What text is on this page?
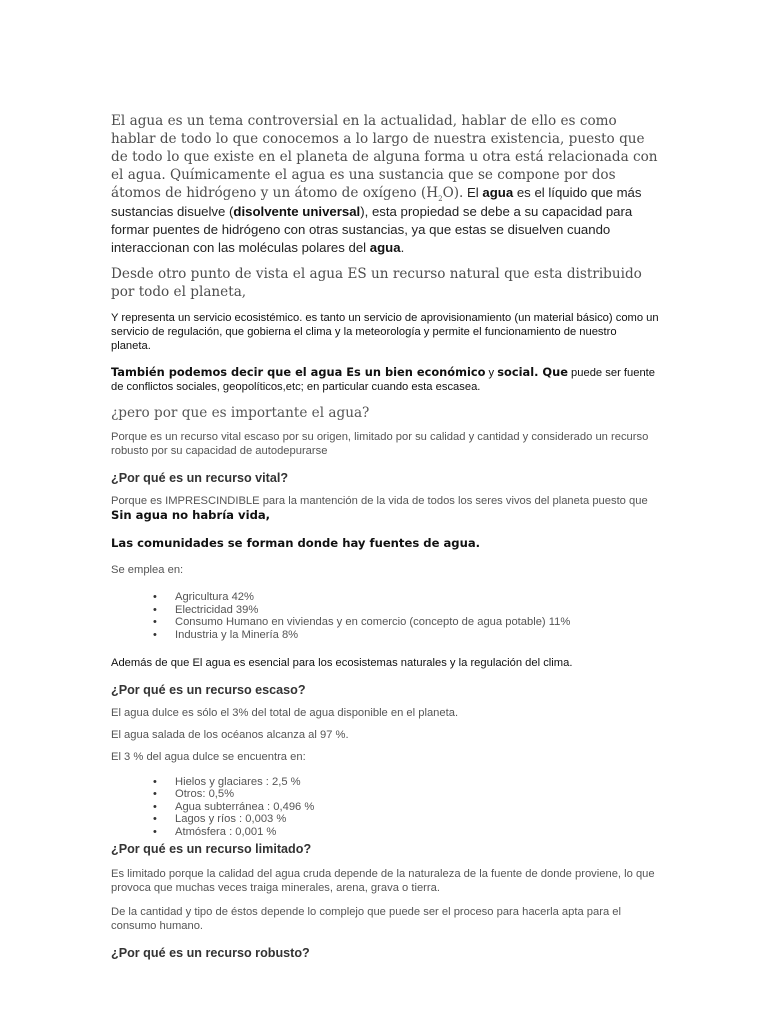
El agua es un tema controversial en la actualidad, hablar de ello es como hablar de todo lo que conocemos a lo largo de nuestra existencia, puesto que de todo lo que existe en el planeta de alguna forma u otra está relacionada con el agua. Químicamente el agua es una sustancia que se compone por dos átomos de hidrógeno y un átomo de oxígeno $(H_2O)$. El agua es el líquido que más sustancias disuelve (disolvente universal), esta propiedad se debe a su capacidad para formar puentes de hidrógeno con otras sustancias, ya que estas se disuelven cuando interaccionan con las moléculas polares del agua.

Desde otro punto de vista el agua ES un recurso natural que esta distribuido por todo el planeta,

Y representa un servicio ecosistémico. es tanto un servicio de aprovisionamiento (un material básico) como un servicio de regulación, que gobierna el clima y la meteorología y permite el funcionamiento de nuestro planeta.

También podemos decir que el agua Es un bien económico y social. Que puede ser fuente de conflictos sociales, geopolíticos,etc; en particular cuando esta escasea.

¿pero por que es importante el agua?

Porque es un recurso vital escaso por su origen, limitado por su calidad y cantidad y considerado un recurso robusto por su capacidad de autodepurarse

¿Por qué es un recurso vital?

Porque es IMPRESCINDIBLE para la mantención de la vida de todos los seres vivos del planeta puesto que Sin agua no habría vida,

Las comunidades se forman donde hay fuentes de agua.

Se emplea en:

• Agricultura 42%
• Electricidad 39%
• Consumo Humano en viviendas y en comercio (concepto de agua potable) 11%
• Industria y la Minería 8%

Además de que El agua es esencial para los ecosistemas naturales y la regulación del clima.

¿Por qué es un recurso escaso?

El agua dulce es sólo el 3% del total de agua disponible en el planeta.

El agua salada de los océanos alcanza al 97 %.

El 3 % del agua dulce se encuentra en:

• Hielos y glaciares : 2,5 %
• Otros: 0,5%
• Agua subterránea : 0,496 %
• Lagos y ríos : 0,003 %
• Atmósfera : 0,001 %

¿Por qué es un recurso limitado?

Es limitado porque la calidad del agua cruda depende de la naturaleza de la fuente de donde proviene, lo que provoca que muchas veces traiga minerales, arena, grava o tierra.

De la cantidad y tipo de éstos depende lo complejo que puede ser el proceso para hacerla apta para el consumo humano.

¿Por qué es un recurso robusto?
